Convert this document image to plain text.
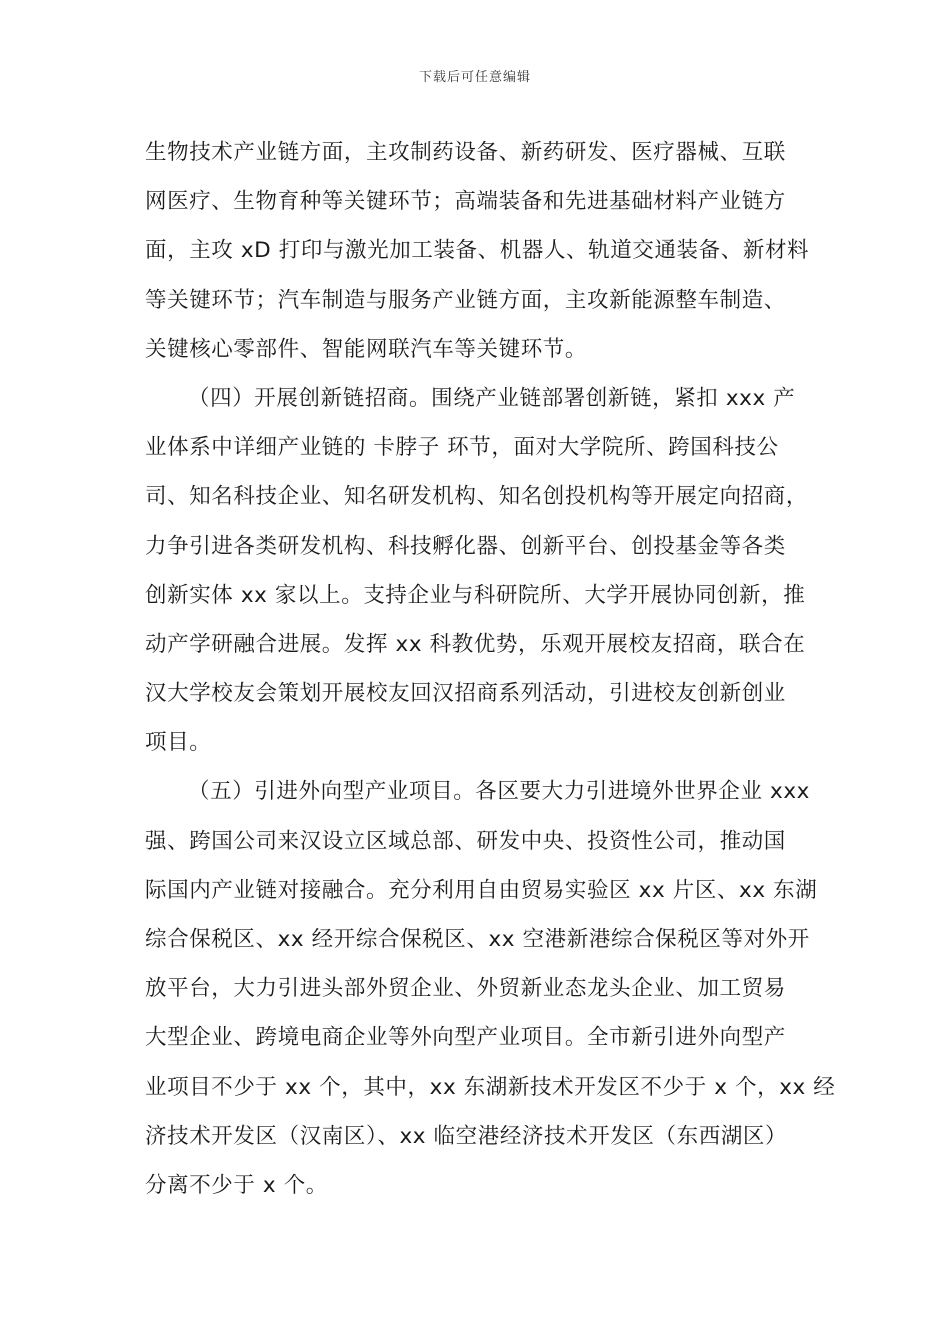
下载后可任意编辑
生物技术产业链方面，主攻制药设备、新药研发、医疗器械、互联
网医疗、生物育种等关键环节；高端装备和先进基础材料产业链方
面，主攻 xD 打印与激光加工装备、机器人、轨道交通装备、新材料
等关键环节；汽车制造与服务产业链方面，主攻新能源整车制造、
关键核心零部件、智能网联汽车等关键环节。
（四）开展创新链招商。围绕产业链部署创新链，紧扣 xxx 产
业体系中详细产业链的 卡脖子 环节，面对大学院所、跨国科技公
司、知名科技企业、知名研发机构、知名创投机构等开展定向招商，
力争引进各类研发机构、科技孵化器、创新平台、创投基金等各类
创新实体 xx 家以上。支持企业与科研院所、大学开展协同创新，推
动产学研融合进展。发挥 xx 科教优势，乐观开展校友招商，联合在
汉大学校友会策划开展校友回汉招商系列活动，引进校友创新创业
项目。
（五）引进外向型产业项目。各区要大力引进境外世界企业 xxx
强、跨国公司来汉设立区域总部、研发中央、投资性公司，推动国
际国内产业链对接融合。充分利用自由贸易实验区 xx 片区、xx 东湖
综合保税区、xx 经开综合保税区、xx 空港新港综合保税区等对外开
放平台，大力引进头部外贸企业、外贸新业态龙头企业、加工贸易
大型企业、跨境电商企业等外向型产业项目。全市新引进外向型产
业项目不少于 xx 个，其中，xx 东湖新技术开发区不少于 x 个，xx 经
济技术开发区（汉南区）、xx 临空港经济技术开发区（东西湖区）
分离不少于 x 个。
